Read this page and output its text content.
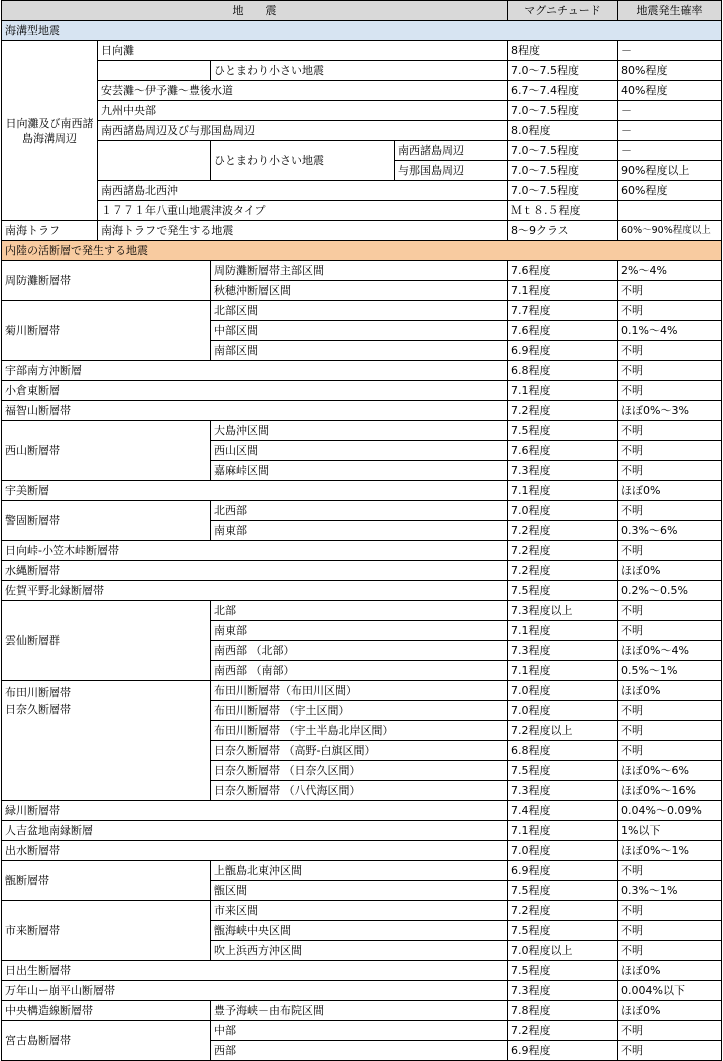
地　　震				マグニチュード	地震発生確率
海溝型地震					
日向灘及び南西諸島海溝周辺	日向灘			8程度	－
		ひとまわり小さい地震		7.0～7.5程度	80%程度
	安芸灘～伊予灘～豊後水道			6.7～7.4程度	40%程度
	九州中央部			7.0～7.5程度	－
	南西諸島周辺及び与那国島周辺			8.0程度	－
		ひとまわり小さい地震	南西諸島周辺	7.0～7.5程度	－
			与那国島周辺	7.0～7.5程度	90%程度以上
	南西諸島北西沖			7.0～7.5程度	60%程度
	１７７１年八重山地震津波タイプ			Ｍｔ８.５程度	
南海トラフ	南海トラフで発生する地震			8～9クラス	60%～90%程度以上
内陸の活断層で発生する地震					
周防灘断層帯		周防灘断層帯主部区間		7.6程度	2%～4%
		秋穂沖断層区間		7.1程度	不明
菊川断層帯		北部区間		7.7程度	不明
		中部区間		7.6程度	0.1%～4%
		南部区間		6.9程度	不明
宇部南方沖断層				6.8程度	不明
小倉東断層				7.1程度	不明
福智山断層帯				7.2程度	ほぼ0%～3%
西山断層帯		大島沖区間		7.5程度	不明
		西山区間		7.6程度	不明
		嘉麻峠区間		7.3程度	不明
宇美断層				7.1程度	ほぼ0%
警固断層帯		北西部		7.0程度	不明
		南東部		7.2程度	0.3%～6%
日向峠-小笠木峠断層帯				7.2程度	不明
水縄断層帯				7.2程度	ほぼ0%
佐賀平野北縁断層帯				7.5程度	0.2%～0.5%
雲仙断層群		北部		7.3程度以上	不明
		南東部		7.1程度	不明
		南西部 （北部）		7.3程度	ほぼ0%～4%
		南西部 （南部）		7.1程度	0.5%～1%

布田川断層帯
日奈久断層帯		布田川断層帯（布田川区間）		7.0程度	ほぼ0%
		布田川断層帯 （宇土区間）		7.0程度	不明
		布田川断層帯 （宇土半島北岸区間）		7.2程度以上	不明
		日奈久断層帯 （高野-白旗区間）		6.8程度	不明
		日奈久断層帯 （日奈久区間）		7.5程度	ほぼ0%～6%
		日奈久断層帯 （八代海区間）		7.3程度	ほぼ0%～16%
緑川断層帯				7.4程度	0.04%～0.09%
人吉盆地南縁断層				7.1程度	1%以下
出水断層帯				7.0程度	ほぼ0%～1%
甑断層帯		上甑島北東沖区間		6.9程度	不明
		甑区間		7.5程度	0.3%～1%
市来断層帯		市来区間		7.2程度	不明
		甑海峡中央区間		7.5程度	不明
		吹上浜西方沖区間		7.0程度以上	不明
日出生断層帯				7.5程度	ほぼ0%
万年山ー崩平山断層帯				7.3程度	0.004%以下
中央構造線断層帯		豊予海峡－由布院区間		7.8程度	ほぼ0%
宮古島断層帯		中部		7.2程度	不明
		西部		6.9程度	不明
